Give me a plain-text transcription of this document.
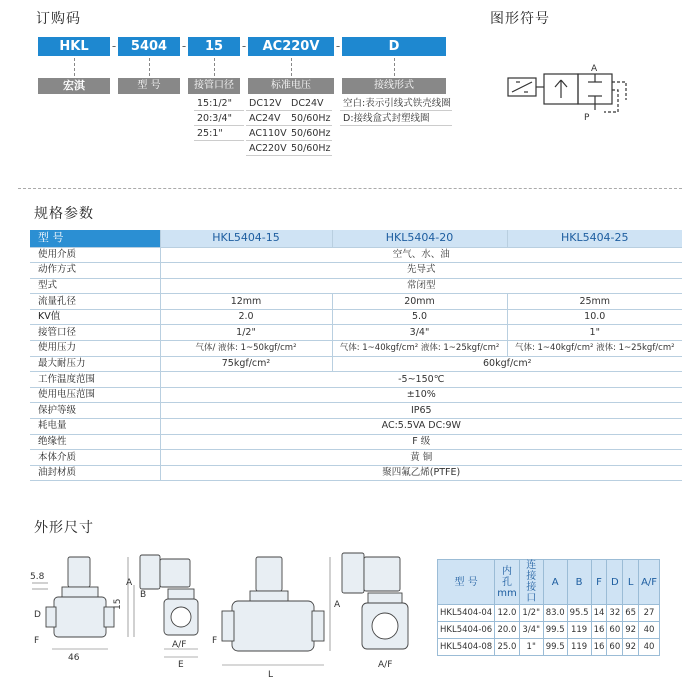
订购码
HKL	-	5404	-	15	-	AC220V	-	D
宏淇	型 号	接管口径	标准电压	接线形式
15:1/2"
20:3/4"
25:1"
DC12V DC24V
AC24V 50/60Hz
AC110V 50/60Hz
AC220V 50/60Hz
空白:表示引线式铁壳线圈
D:接线盒式封塑线圈
图形符号
A
P
规格参数
型 号	HKL5404-15	HKL5404-20	HKL5404-25
使用介质	空气、水、油		
动作方式	先导式		
型式	常闭型		
流量孔径	12mm	20mm	25mm
KV值	2.0	5.0	10.0
接管口径	1/2"	3/4"	1"
使用压力	气体/ 液体: 1~50kgf/cm²	气体: 1~40kgf/cm² 液体: 1~25kgf/cm²	气体: 1~40kgf/cm² 液体: 1~25kgf/cm²
最大耐压力	75kgf/cm²	60kgf/cm²	
工作温度范围	-5~150℃		
使用电压范围	±10%		
保护等级	IP65		
耗电量	AC:5.5VA DC:9W		
绝缘性	F 级		
本体介质	黄 铜		
油封材质	聚四氟乙烯(PTFE)		
外形尺寸
5.8
15
46
D
F
A
B
A/F
E
F
L
A
A/F
型 号	内孔 mm	连接 接口	A	B	F	D	L	A/F
HKL5404-04	12.0	1/2"	83.0	95.5	14	32	65	27
HKL5404-06	20.0	3/4"	99.5	119	16	60	92	40
HKL5404-08	25.0	1"	99.5	119	16	60	92	40
